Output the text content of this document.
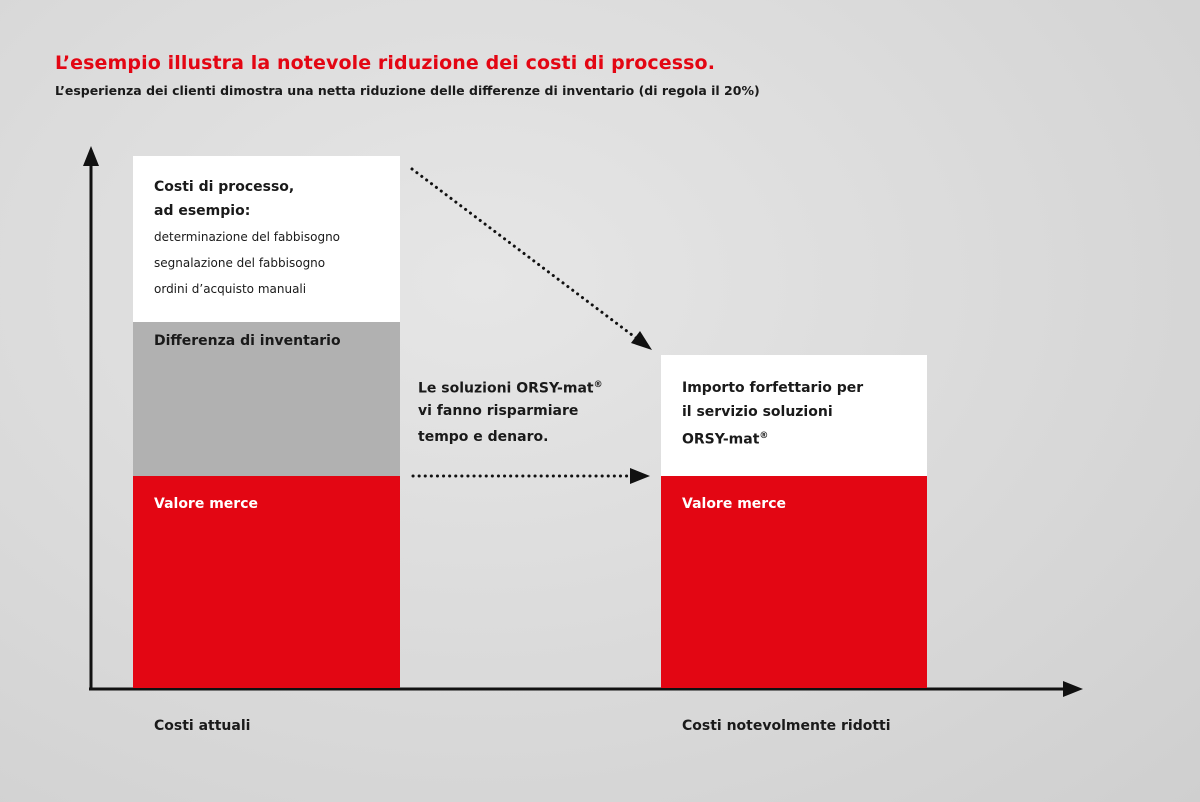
L’esempio illustra la notevole riduzione dei costi di processo.

L’esperienza dei clienti dimostra una netta riduzione delle differenze di inventario (di regola il 20%)

Costi di processo,
ad esempio:
determinazione del fabbisogno
segnalazione del fabbisogno
ordini d’acquisto manuali
Differenza di inventario
Valore merce
Le soluzioni ORSY-mat®
vi fanno risparmiare
tempo e denaro.
Importo forfettario per
il servizio soluzioni
ORSY-mat®
Valore merce
Costi attuali	Costi notevolmente ridotti
